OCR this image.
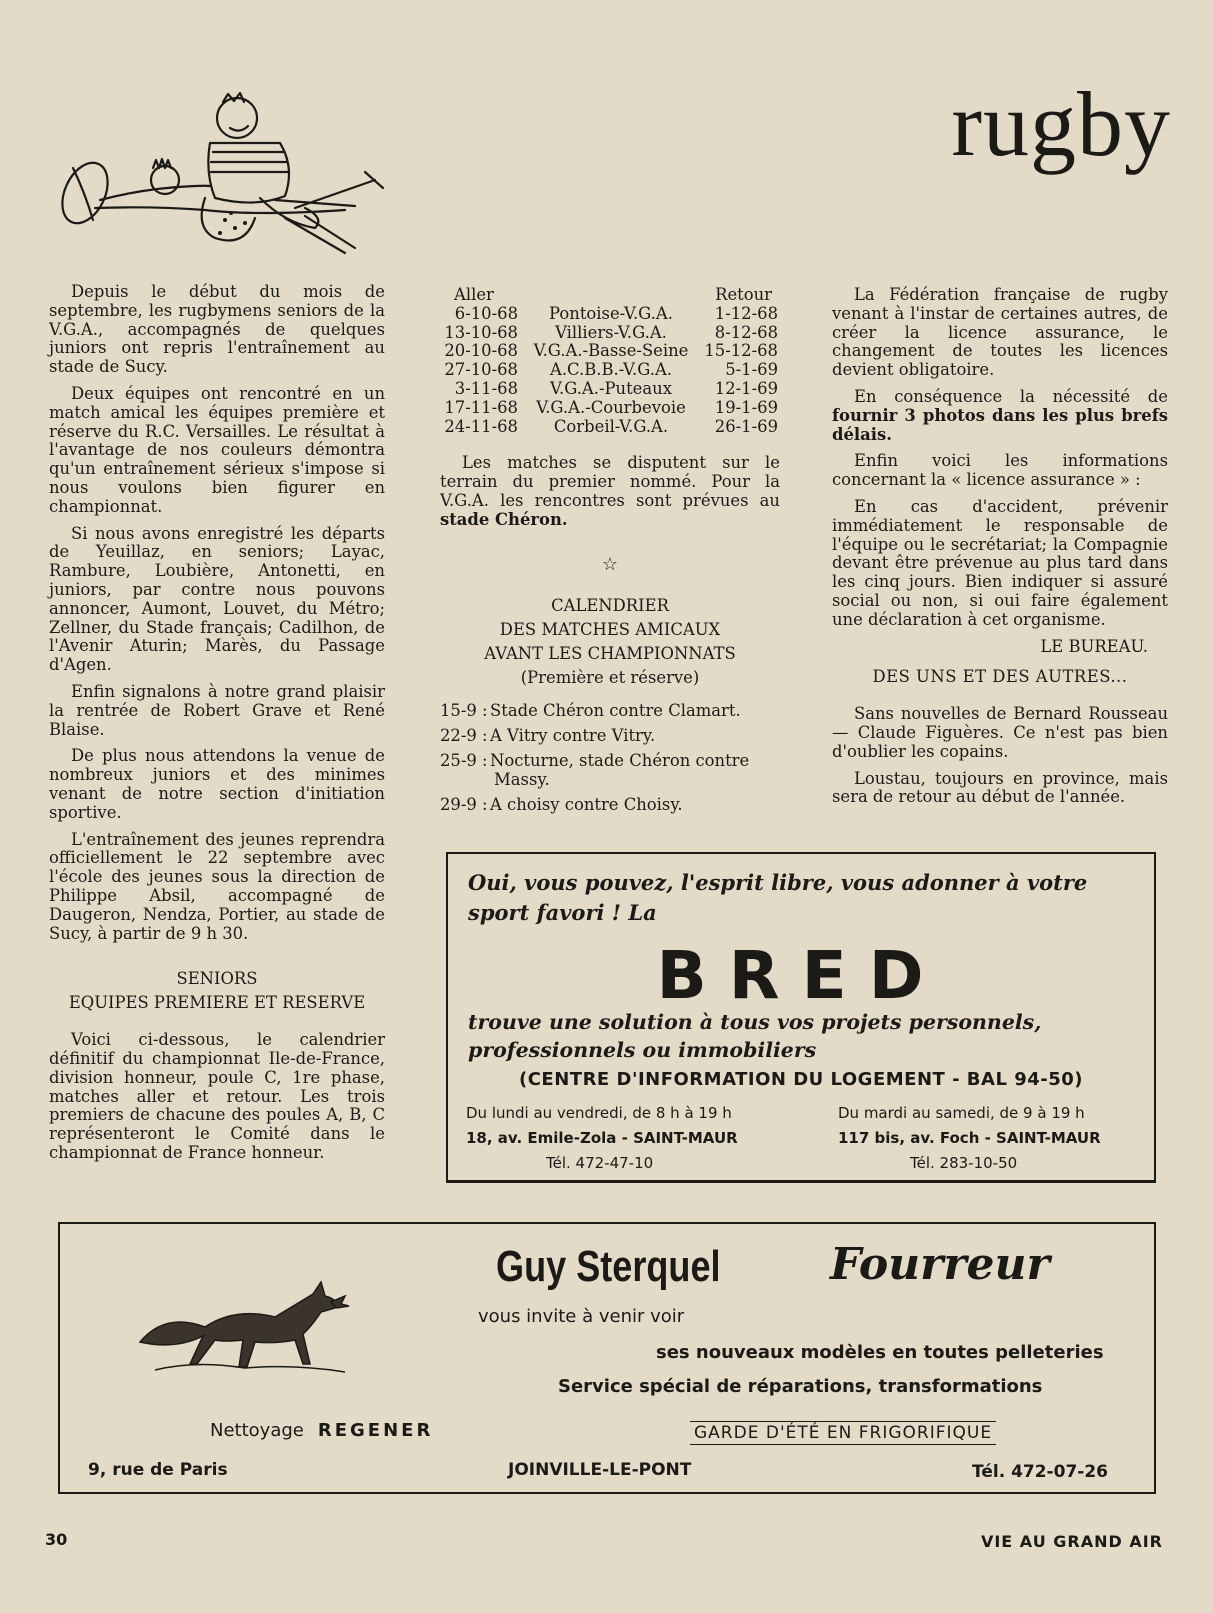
rugby

Depuis le début du mois de septembre, les rugbymens seniors de la V.G.A., accompagnés de quelques juniors ont repris l'entraînement au stade de Sucy.

Deux équipes ont rencontré en un match amical les équipes première et réserve du R.C. Versailles. Le résultat à l'avantage de nos couleurs démontra qu'un entraînement sérieux s'impose si nous voulons bien figurer en championnat.

Si nous avons enregistré les départs de Yeuillaz, en seniors; Layac, Rambure, Loubière, Antonetti, en juniors, par contre nous pouvons annoncer, Aumont, Louvet, du Métro; Zellner, du Stade français; Cadilhon, de l'Avenir Aturin; Marès, du Passage d'Agen.

Enfin signalons à notre grand plaisir la rentrée de Robert Grave et René Blaise.

De plus nous attendons la venue de nombreux juniors et des minimes venant de notre section d'initiation sportive.

L'entraînement des jeunes reprendra officiellement le 22 septembre avec l'école des jeunes sous la direction de Philippe Absil, accompagné de Daugeron, Nendza, Portier, au stade de Sucy, à partir de 9 h 30.

SENIORS
EQUIPES PREMIERE ET RESERVE

Voici ci-dessous, le calendrier définitif du championnat Ile-de-France, division honneur, poule C, 1re phase, matches aller et retour. Les trois premiers de chacune des poules A, B, C représenteront le Comité dans le championnat de France honneur.

Aller	Retour
6-10-68	Pontoise-V.G.A.	1-12-68
13-10-68	Villiers-V.G.A.	8-12-68
20-10-68 V.G.A.-Basse-Seine 15-12-68
27-10-68	A.C.B.B.-V.G.A.	5-1-69
3-11-68	V.G.A.-Puteaux	12-1-69
17-11-68	V.G.A.-Courbevoie	19-1-69
24-11-68	Corbeil-V.G.A.	26-1-69

Les matches se disputent sur le terrain du premier nommé. Pour la V.G.A. les rencontres sont prévues au stade Chéron.

☆
CALENDRIER
DES MATCHES AMICAUX
AVANT LES CHAMPIONNATS
(Première et réserve)
15-9 : Stade Chéron contre Clamart.
22-9 : A Vitry contre Vitry.
25-9 : Nocturne, stade Chéron contre Massy.
29-9 : A choisy contre Choisy.

La Fédération française de rugby venant à l'instar de certaines autres, de créer la licence assurance, le changement de toutes les licences devient obligatoire.

En conséquence la nécessité de fournir 3 photos dans les plus brefs délais.

Enfin voici les informations concernant la « licence assurance » :

En cas d'accident, prévenir immédiatement le responsable de l'équipe ou le secrétariat; la Compagnie devant être prévenue au plus tard dans les cinq jours. Bien indiquer si assuré social ou non, si oui faire également une déclaration à cet organisme.

LE BUREAU.
DES UNS ET DES AUTRES...

Sans nouvelles de Bernard Rousseau — Claude Figuères. Ce n'est pas bien d'oublier les copains.

Loustau, toujours en province, mais sera de retour au début de l'année.

Oui, vous pouvez, l'esprit libre, vous adonner à votre sport favori ! La
BRED
trouve une solution à tous vos projets personnels, professionnels ou immobiliers
(CENTRE D'INFORMATION DU LOGEMENT - BAL 94-50)
Du lundi au vendredi, de 8 h à 19 h
18, av. Emile-Zola - SAINT-MAUR
Tél. 472-47-10
Du mardi au samedi, de 9 à 19 h
117 bis, av. Foch - SAINT-MAUR
Tél. 283-10-50
Guy Sterquel Fourreur
vous invite à venir voir
ses nouveaux modèles en toutes pelleteries
Service spécial de réparations, transformations
Nettoyage REGENER	GARDE D'ÉTÉ EN FRIGORIFIQUE
9, rue de Paris	JOINVILLE-LE-PONT	Tél. 472-07-26
30	VIE AU GRAND AIR
